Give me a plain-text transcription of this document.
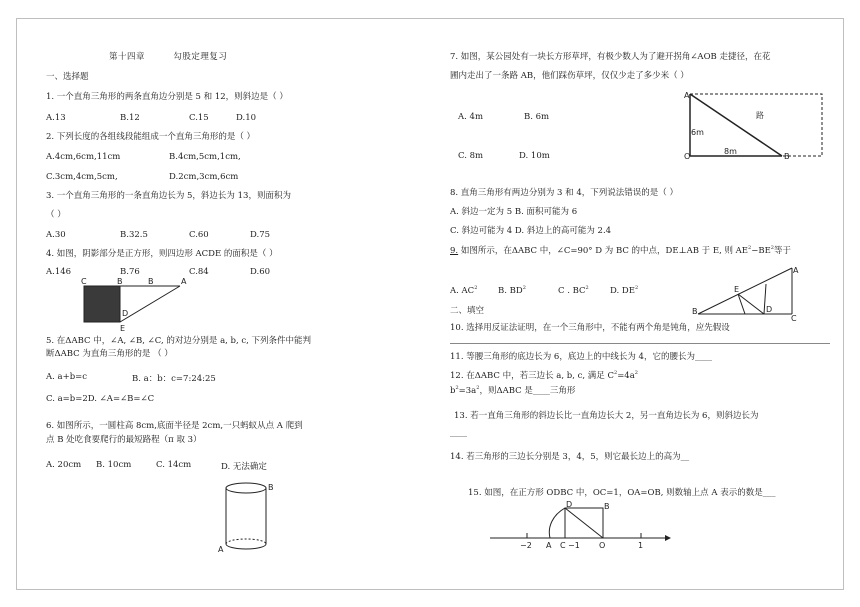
第十四章	勾股定理复习
一、选择题
1. 一个直角三角形的两条直角边分别是 5 和 12，则斜边是（ ）
A.13	B.12	C.15	D.10
2. 下列长度的各组线段能组成一个直角三角形的是（ ）
A.4cm,6cm,11cm	B.4cm,5cm,1cm,
C.3cm,4cm,5cm,	D.2cm,3cm,6cm
3. 一个直角三角形的一条直角边长为 5，斜边长为 13，则面积为
（ ）
A.30	B.32.5	C.60	D.75
4. 如图，阴影部分是正方形，则四边形 ACDE 的面积是（ ）
A.146	B.76	C.84	D.60
C	B	B	A
D
E
5. 在ΔABC 中，∠A, ∠B, ∠C, 的对边分别是 a, b, c, 下列条件中能判
断ΔABC 为直角三角形的是 （ ）
A. a+b=c	B. a：b：c=7:24:25
C. a=b=2D. ∠A=∠B=∠C
6. 如图所示，一圆柱高 8cm,底面半径是 2cm,一只蚂蚁从点 A 爬到
点 B 处吃食要爬行的最短路程（π 取 3）
A. 20cm B. 10cm	C. 14cm	D. 无法确定
B
A
7. 如图，某公园处有一块长方形草坪，有极少数人为了避开拐角∠AOB 走捷径，在花
圃内走出了一条路 AB，他们踩伤草坪，仅仅少走了多少米（ ）
A. 4m	B. 6m
C. 8m	D. 10m
A
O	B
路
6m
8m
8. 直角三角形有两边分别为 3 和 4，下列说法错误的是（ ）
A. 斜边一定为 5 B. 面积可能为 6
C. 斜边可能为 4 D. 斜边上的高可能为 2.4
9. 如图所示，在ΔABC 中，∠C=90° D 为 BC 的中点，DE⊥AB 于 E, 则 $AE^2-BE^2$等于
A. $AC^2$ B. $BD^2$	C . $BC^2$	D. $DE^2$
B
A
C
E
D
二、填空
10. 选择用反证法证明，在一个三角形中，不能有两个角是钝角，应先假设
11. 等腰三角形的底边长为 6，底边上的中线长为 4，它的腰长为____
12. 在ΔABC 中，若三边长 a, b, c, 满足 $C^2=4a^2$
$b^2=3a^2$，则ΔABC 是____三角形
13. 若一直角三角形的斜边长比一直角边长大 2，另一直角边长为 6，则斜边长为
____
14. 若三角形的三边长分别是 3，4，5，则它最长边上的高为__
15. 如图，在正方形 ODBC 中，OC=1，OA=OB, 则数轴上点 A 表示的数是___
−2 A C −1 O	1
D	B
